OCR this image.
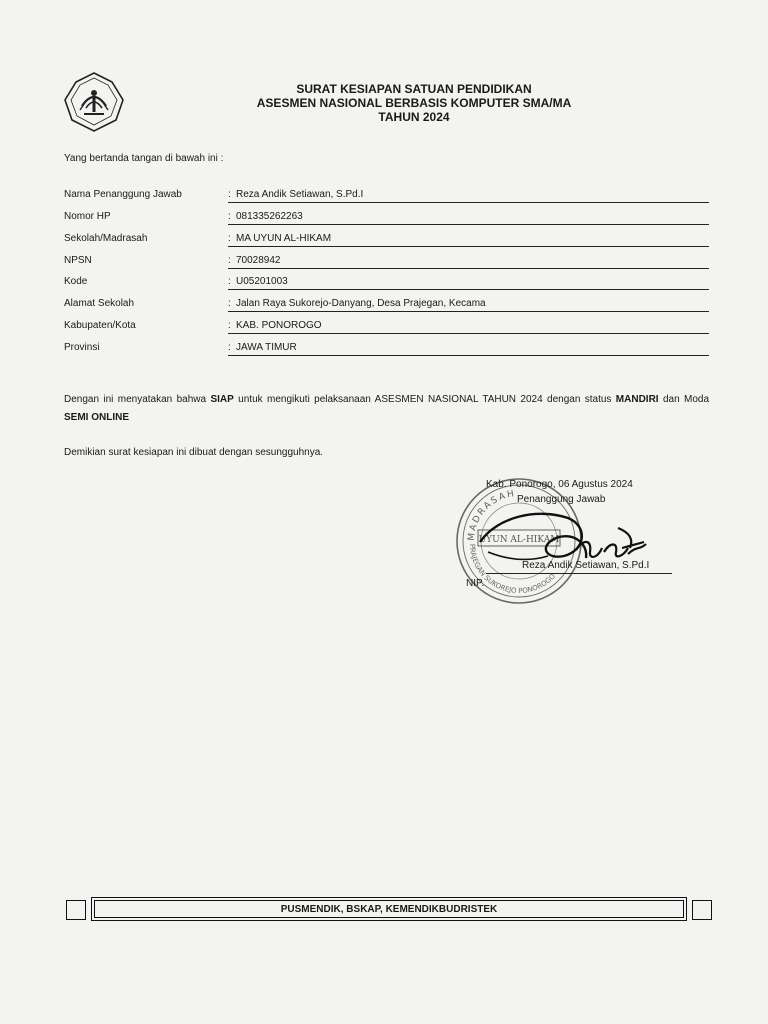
SURAT KESIAPAN SATUAN PENDIDIKAN
ASESMEN NASIONAL BERBASIS KOMPUTER SMA/MA
TAHUN 2024
Yang bertanda tangan di bawah ini :
Nama Penanggung Jawab	: Reza Andik Setiawan, S.Pd.I
Nomor HP	: 081335262263
Sekolah/Madrasah	: MA UYUN AL-HIKAM
NPSN	: 70028942
Kode	: U05201003
Alamat Sekolah	: Jalan Raya Sukorejo-Danyang, Desa Prajegan, Kecama
Kabupaten/Kota	: KAB. PONOROGO
Provinsi	: JAWA TIMUR
Dengan ini menyatakan bahwa SIAP untuk mengikuti pelaksanaan ASESMEN NASIONAL TAHUN 2024 dengan status MANDIRI dan Moda SEMI ONLINE
Demikian surat kesiapan ini dibuat dengan sesungguhnya.
MADRASAH
UYUN AL-HIKAM
PRAJEGAN SUKOREJO PONOROGO
Kab. Ponorogo, 06 Agustus 2024
Penanggung Jawab
Reza Andik Setiawan, S.Pd.I
NIP.
PUSMENDIK, BSKAP, KEMENDIKBUDRISTEK
